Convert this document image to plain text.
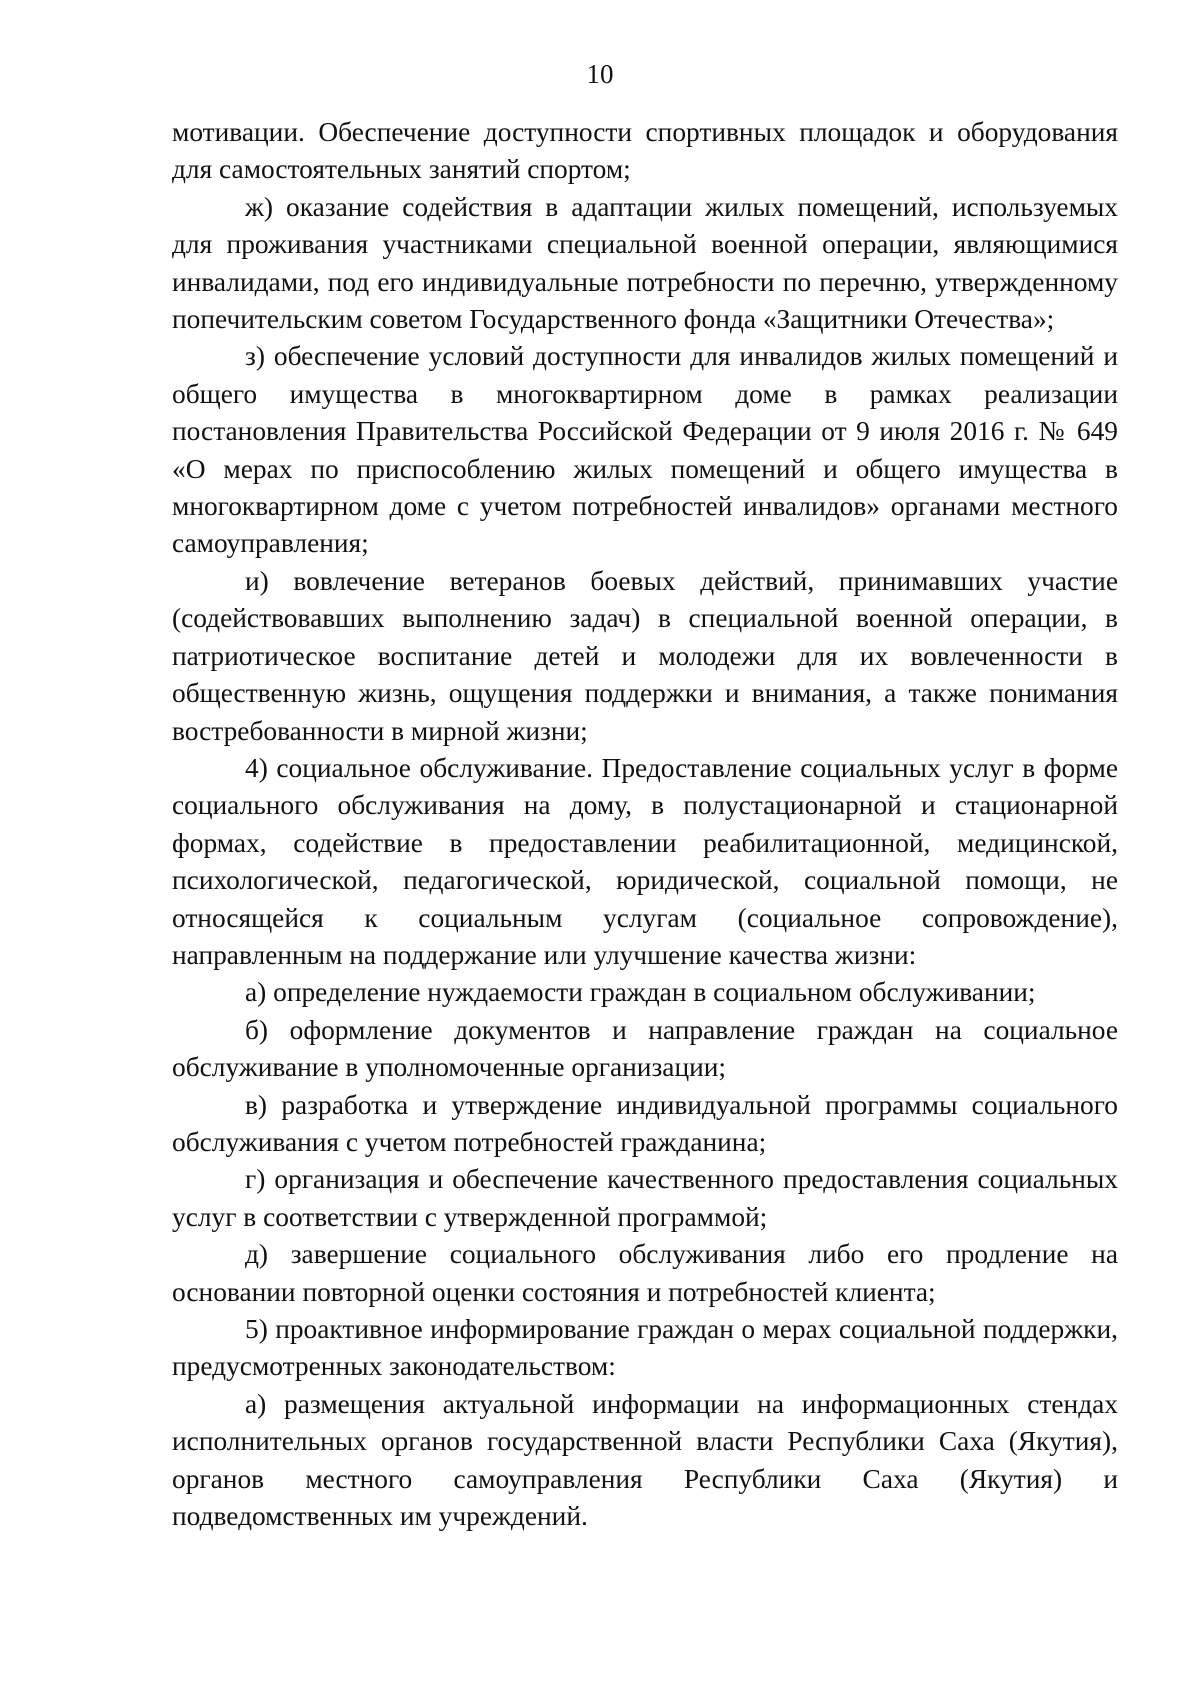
10

мотивации. Обеспечение доступности спортивных площадок и оборудования для самостоятельных занятий спортом;

ж) оказание содействия в адаптации жилых помещений, используемых для проживания участниками специальной военной операции, являющимися инвалидами, под его индивидуальные потребности по перечню, утвержденному попечительским советом Государственного фонда «Защитники Отечества»;

з) обеспечение условий доступности для инвалидов жилых помещений и общего имущества в многоквартирном доме в рамках реализации постановления Правительства Российской Федерации от 9 июля 2016 г. № 649 «О мерах по приспособлению жилых помещений и общего имущества в многоквартирном доме с учетом потребностей инвалидов» органами местного самоуправления;

и) вовлечение ветеранов боевых действий, принимавших участие (содействовавших выполнению задач) в специальной военной операции, в патриотическое воспитание детей и молодежи для их вовлеченности в общественную жизнь, ощущения поддержки и внимания, а также понимания востребованности в мирной жизни;

4) социальное обслуживание. Предоставление социальных услуг в форме социального обслуживания на дому, в полустационарной и стационарной формах, содействие в предоставлении реабилитационной, медицинской, психологической, педагогической, юридической, социальной помощи, не относящейся к социальным услугам (социальное сопровождение), направленным на поддержание или улучшение качества жизни:

а) определение нуждаемости граждан в социальном обслуживании;

б) оформление документов и направление граждан на социальное обслуживание в уполномоченные организации;

в) разработка и утверждение индивидуальной программы социального обслуживания с учетом потребностей гражданина;

г) организация и обеспечение качественного предоставления социальных услуг в соответствии с утвержденной программой;

д) завершение социального обслуживания либо его продление на основании повторной оценки состояния и потребностей клиента;

5) проактивное информирование граждан о мерах социальной поддержки, предусмотренных законодательством:

а) размещения актуальной информации на информационных стендах исполнительных органов государственной власти Республики Саха (Якутия), органов местного самоуправления Республики Саха (Якутия) и подведомственных им учреждений.
